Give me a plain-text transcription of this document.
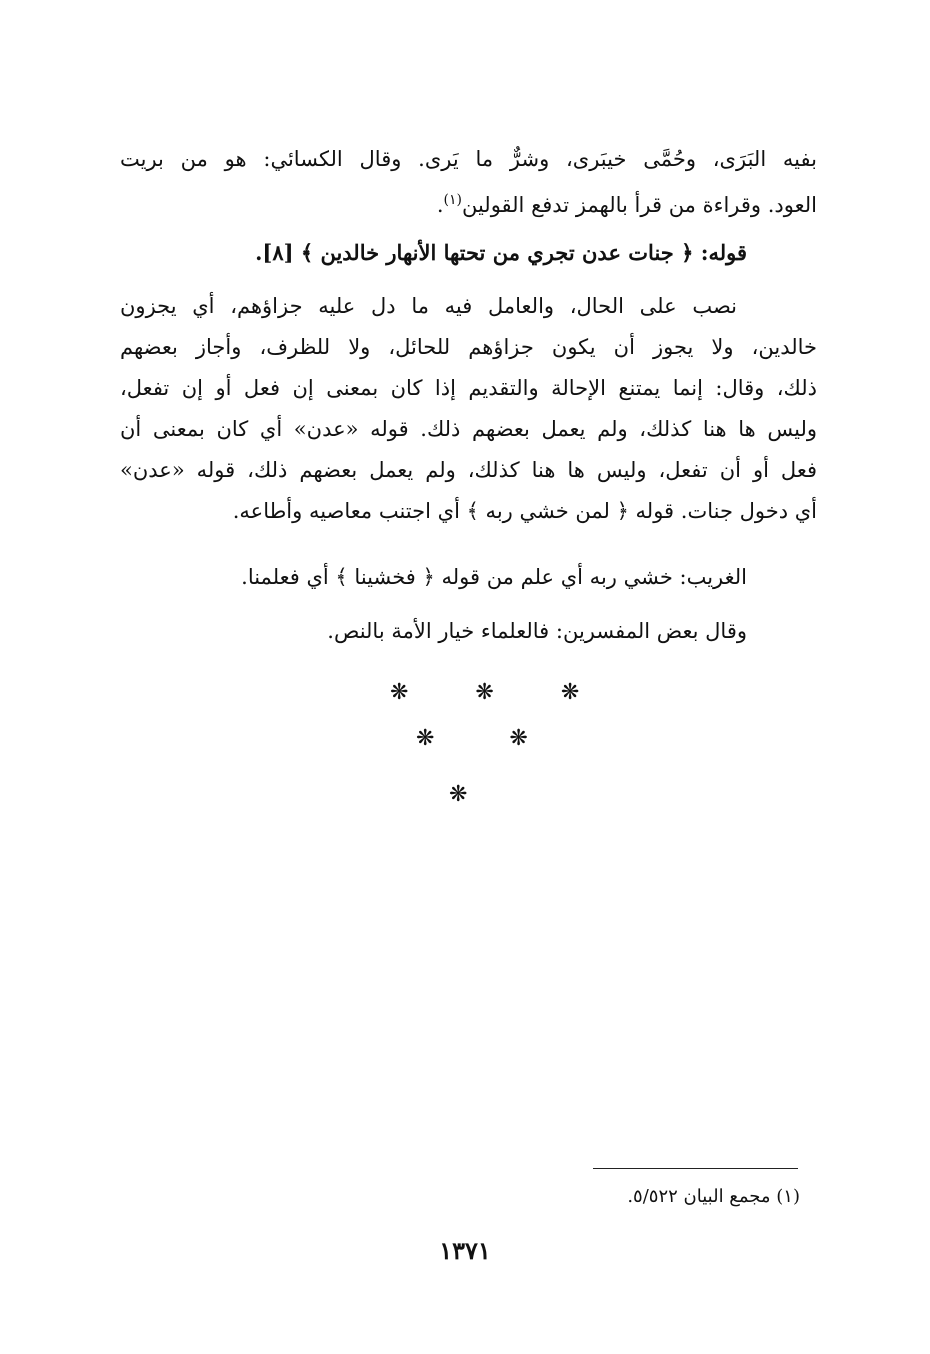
بفيه البَرَى، وحُمَّى خيبَرى، وشرٌّ ما يَرى. وقال الكسائي: هو من بريت
العود. وقراءة من قرأ بالهمز تدفع القولين$^{(١)}$.
قوله: ﴿ جنات عدن تجري من تحتها الأنهار خالدين ﴾ [٨].
نصب على الحال، والعامل فيه ما دل عليه جزاؤهم، أي يجزون
خالدين، ولا يجوز أن يكون جزاؤهم للحائل، ولا للظرف، وأجاز بعضهم
ذلك، وقال: إنما يمتنع الإحالة والتقديم إذا كان بمعنى إن فعل أو إن تفعل،
وليس ها هنا كذلك، ولم يعمل بعضهم ذلك. قوله «عدن» أي كان بمعنى أن
فعل أو أن تفعل، وليس ها هنا كذلك، ولم يعمل بعضهم ذلك، قوله «عدن»
أي دخول جنات. قوله ﴿ لمن خشي ربه ﴾ أي اجتنب معاصيه وأطاعه.
الغريب: خشي ربه أي علم من قوله ﴿ فخشينا ﴾ أي فعلمنا.
وقال بعض المفسرين: فالعلماء خيار الأمة بالنص.
❋ ❋ ❋
❋ ❋
❋
(١) مجمع البيان ٥/٥٢٢.
١٣٧١
